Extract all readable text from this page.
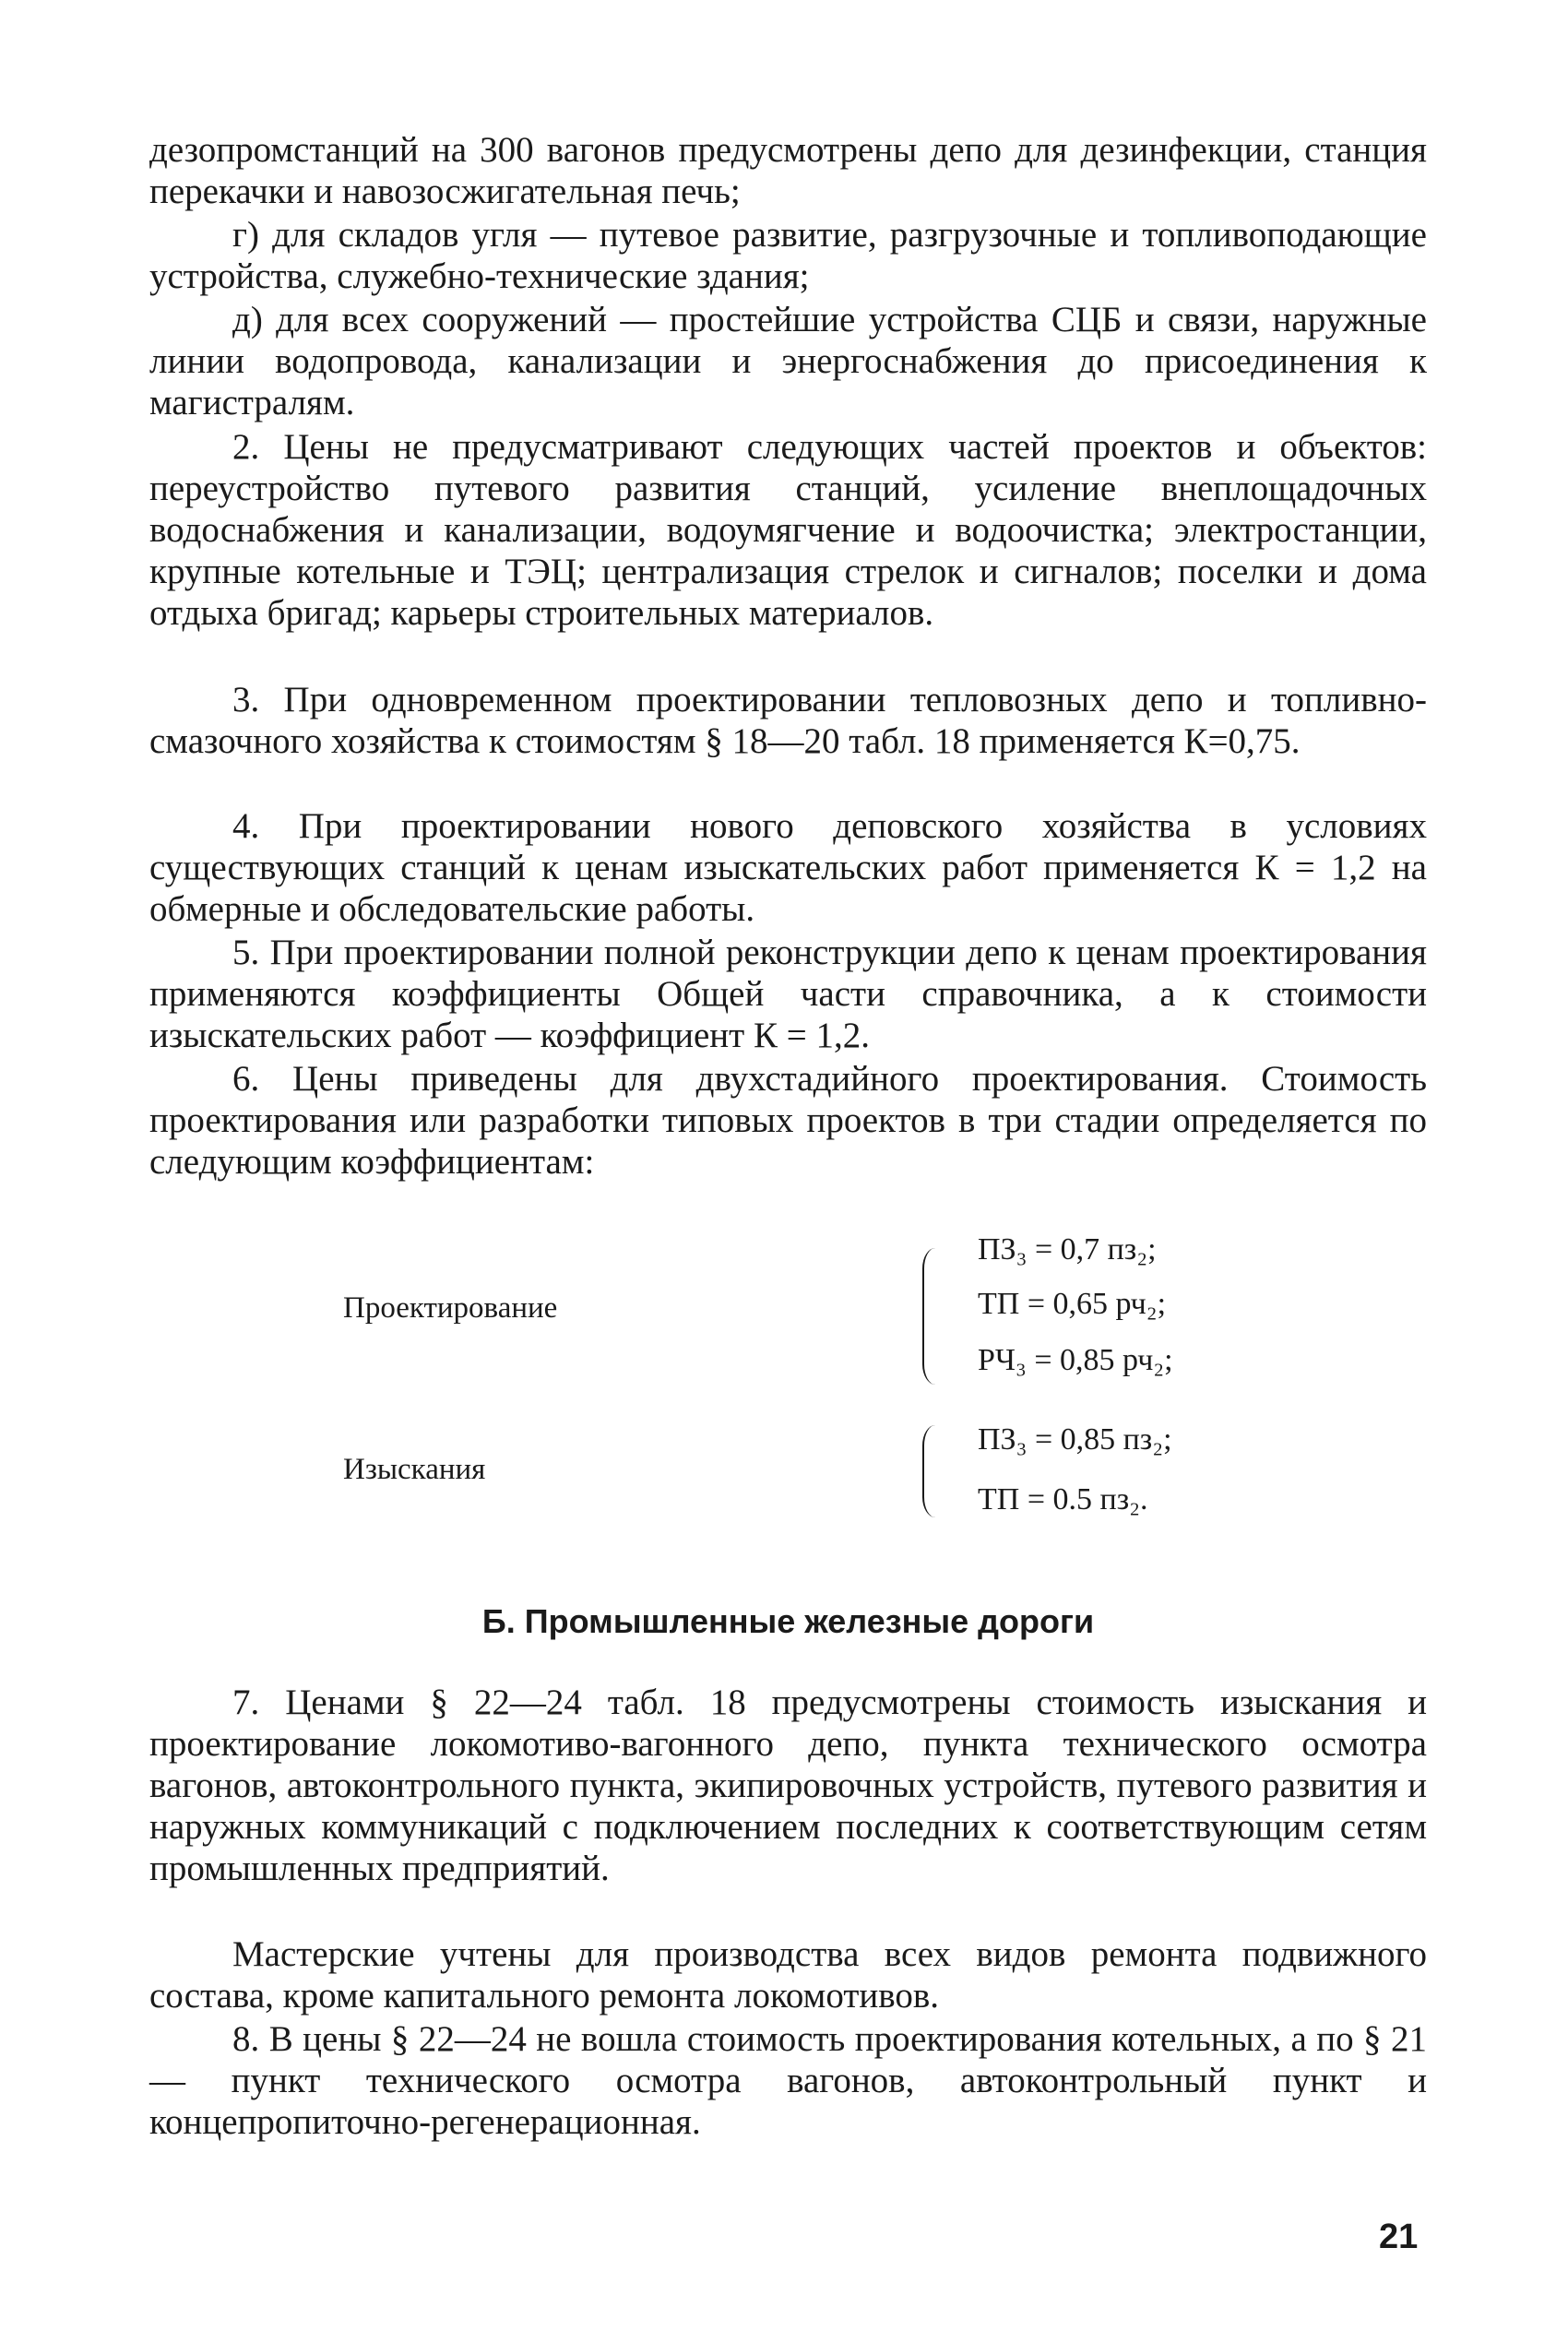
дезопромстанций на 300 вагонов предусмотрены депо для дезинфекции, станция перекачки и навозосжигательная печь;

г) для складов угля — путевое развитие, разгрузочные и топливоподающие устройства, служебно-технические здания;

д) для всех сооружений — простейшие устройства СЦБ и связи, наружные линии водопровода, канализации и энергоснабжения до присоединения к магистралям.

2. Цены не предусматривают следующих частей проектов и объектов: переустройство путевого развития станций, усиление внеплощадочных водоснабжения и канализации, водоумягчение и водоочистка; электростанции, крупные котельные и ТЭЦ; централизация стрелок и сигналов; поселки и дома отдыха бригад; карьеры строительных материалов.

3. При одновременном проектировании тепловозных депо и топливно-смазочного хозяйства к стоимостям § 18—20 табл. 18 применяется К=0,75.

4. При проектировании нового деповского хозяйства в условиях существующих станций к ценам изыскательских работ применяется К = 1,2 на обмерные и обследовательские работы.

5. При проектировании полной реконструкции депо к ценам проектирования применяются коэффициенты Общей части справочника, а к стоимости изыскательских работ — коэффициент К = 1,2.

6. Цены приведены для двухстадийного проектирования. Стоимость проектирования или разработки типовых проектов в три стадии определяется по следующим коэффициентам:

Проектирование
ПЗ₃ = 0,7 пз₂;
ТП = 0,65 рч₂;
РЧ₃ = 0,85 рч₂;
Изыскания
ПЗ₃ = 0,85 пз₂;
ТП = 0.5 пз₂.
Б. Промышленные железные дороги

7. Ценами § 22—24 табл. 18 предусмотрены стоимость изыскания и проектирование локомотиво-вагонного депо, пункта технического осмотра вагонов, автоконтрольного пункта, экипировочных устройств, путевого развития и наружных коммуникаций с подключением последних к соответствующим сетям промышленных предприятий.

Мастерские учтены для производства всех видов ремонта подвижного состава, кроме капитального ремонта локомотивов.

8. В цены § 22—24 не вошла стоимость проектирования котельных, а по § 21 — пункт технического осмотра вагонов, автоконтрольный пункт и концепропиточно-регенерационная.

21
